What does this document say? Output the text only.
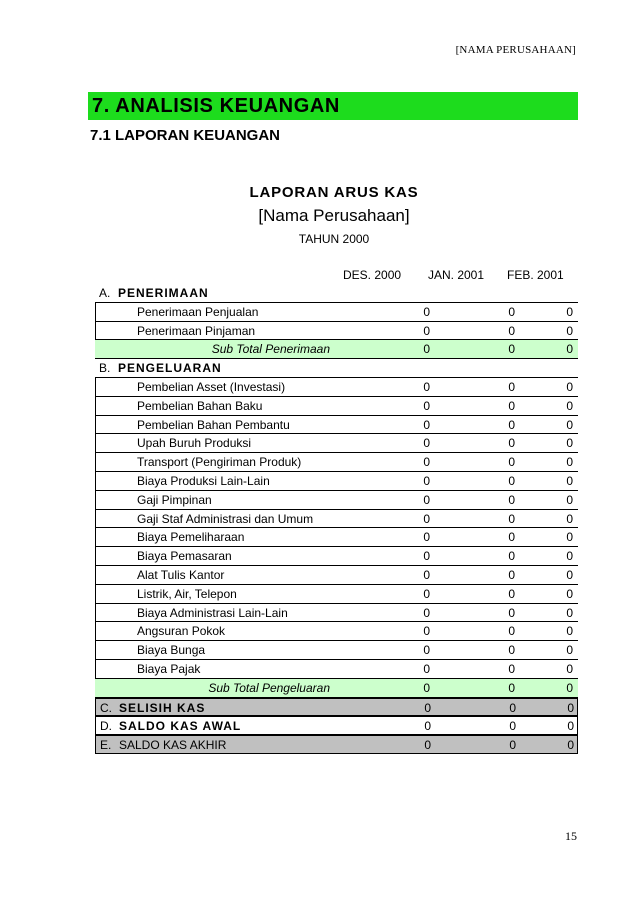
[NAMA PERUSAHAAN]
7. ANALISIS KEUANGAN
7.1 LAPORAN KEUANGAN
LAPORAN ARUS KAS
[Nama Perusahaan]
TAHUN 2000
DES. 2000 JAN. 2001 FEB. 2001
A. PENERIMAAN
Penerimaan Penjualan	0	0	0
Penerimaan Pinjaman	0	0	0
Sub Total Penerimaan	0	0	0
B. PENGELUARAN
Pembelian Asset (Investasi)	0	0	0
Pembelian Bahan Baku	0	0	0
Pembelian Bahan Pembantu	0	0	0
Upah Buruh Produksi	0	0	0
Transport (Pengiriman Produk)	0	0	0
Biaya Produksi Lain-Lain	0	0	0
Gaji Pimpinan	0	0	0
Gaji Staf Administrasi dan Umum	0	0	0
Biaya Pemeliharaan	0	0	0
Biaya Pemasaran	0	0	0
Alat Tulis Kantor	0	0	0
Listrik, Air, Telepon	0	0	0
Biaya Administrasi Lain-Lain	0	0	0
Angsuran Pokok	0	0	0
Biaya Bunga	0	0	0
Biaya Pajak	0	0	0
Sub Total Pengeluaran	0	0	0
C. SELISIH KAS	0	0	0
D. SALDO KAS AWAL	0	0	0
E. SALDO KAS AKHIR	0	0	0
15
